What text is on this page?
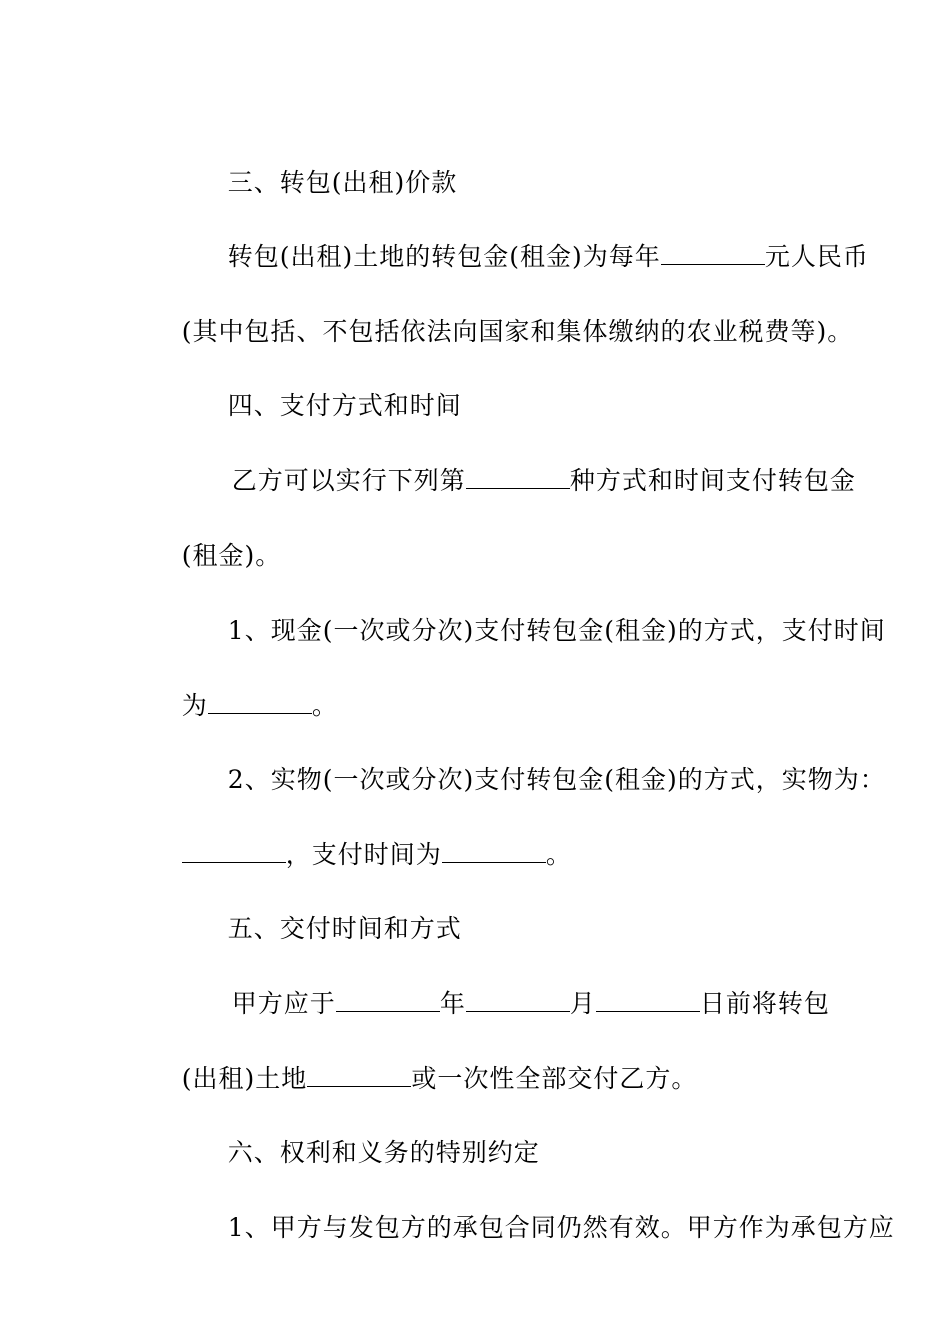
三、转包(出租)价款

转包(出租)土地的转包金(租金)为每年	元人民币

(其中包括、不包括依法向国家和集体缴纳的农业税费等)。

四、支付方式和时间

乙方可以实行下列第	种方式和时间支付转包金

(租金)。

1、现金(一次或分次)支付转包金(租金)的方式，支付时间

为	。

2、实物(一次或分次)支付转包金(租金)的方式，实物为：

，支付时间为	。

五、交付时间和方式

甲方应于	年	月	日前将转包

(出租)土地	或一次性全部交付乙方。

六、权利和义务的特别约定

1、甲方与发包方的承包合同仍然有效。甲方作为承包方应
